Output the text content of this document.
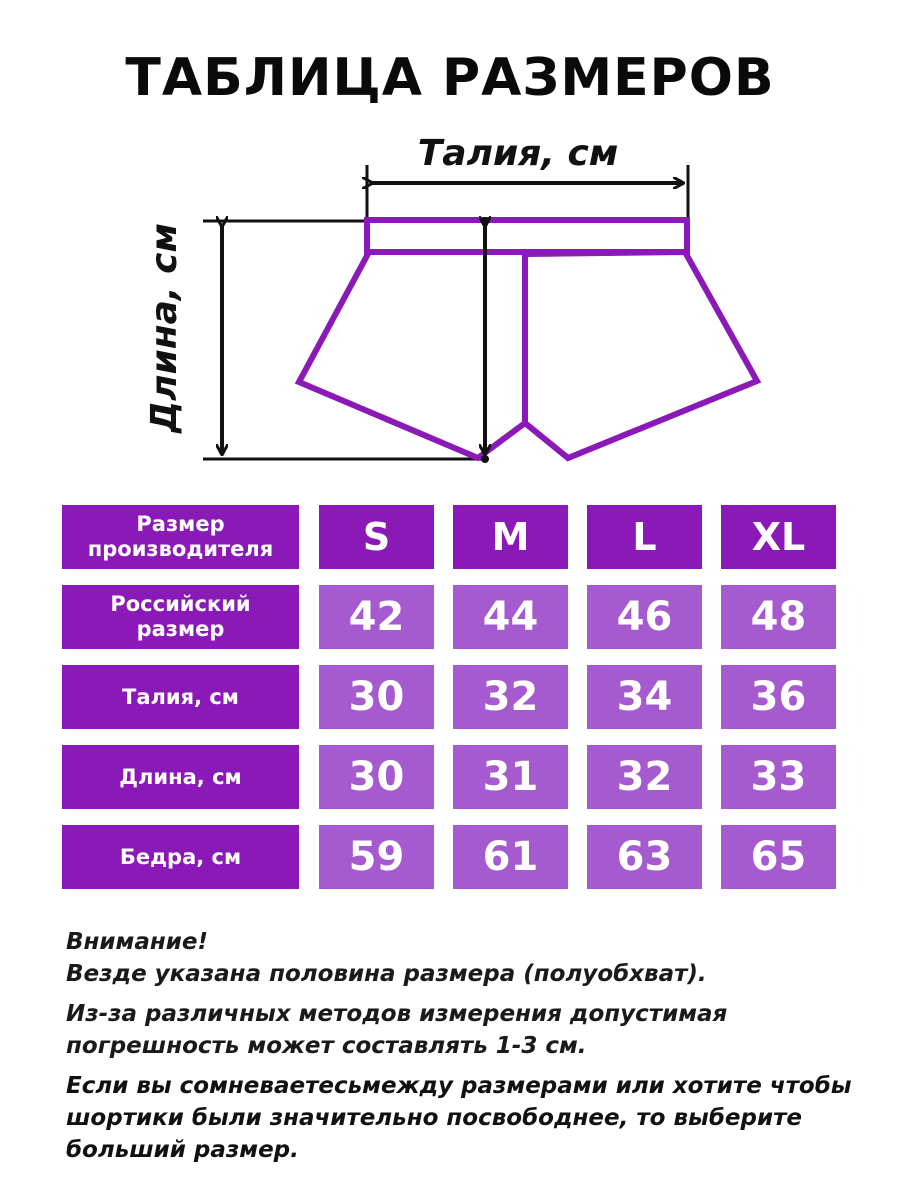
ТАБЛИЦА РАЗМЕРОВ
Талия, см
Длина, см
Размер производителя	S	M	L	XL
Российский размер	42	44	46	48
Талия, см	30	32	34	36
Длина, см	30	31	32	33
Бедра, см	59	61	63	65

Внимание!

Везде указана половина размера (полуобхват).

Из-за различных методов измерения допустимая погрешность может составлять 1-3 см.

Если вы сомневаетесьмежду размерами или хотите чтобы шортики были значительно посвободнее, то выберите больший размер.
